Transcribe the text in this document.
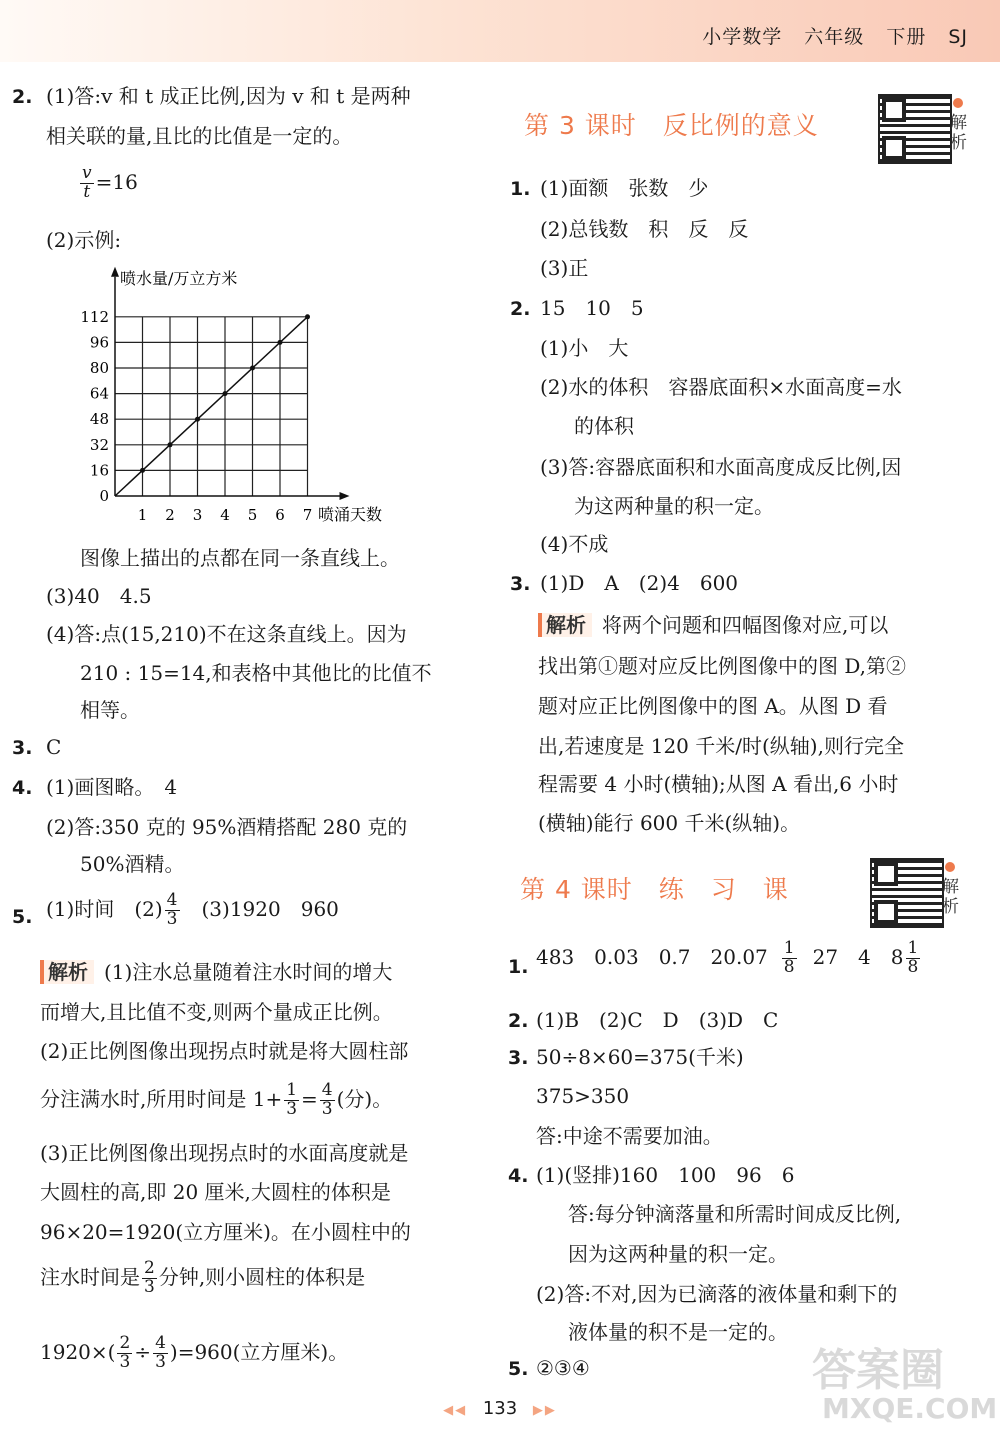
小学数学 六年级 下册 SJ
2. (1)答:v 和 t 成正比例,因为 v 和 t 是两种
相关联的量,且比的比值是一定的。
$\frac{v}{t} =16$
(2)示例:
1 2 3 4 5 6 7
0
16
32
48
64
80
96
112
喷水量/万立方米
喷涌天数
图像上描出的点都在同一条直线上。
(3)40　4.5
(4)答:点(15,210)不在这条直线上。因为
210 : 15=14,和表格中其他比的比值不
相等。
3. C
4. (1)画图略。　4
(2)答:350 克的 95%酒精搭配 280 克的
50%酒精。
5. (1)时间　$(2) \frac{4}{3} (3)1920$　960
解析 (1)注水总量随着注水时间的增大
而增大,且比值不变,则两个量成正比例。
(2)正比例图像出现拐点时就是将大圆柱部
分注满水时,所用时间是 $1+ \frac{1}{3} = \frac{4}{3}$ (分)。
(3)正比例图像出现拐点时的水面高度就是
大圆柱的高,即 20 厘米,大圆柱的体积是
96×20=1920(立方厘米)。在小圆柱中的
注水时间是 $\frac{2}{3}$ 分钟,则小圆柱的体积是
$1920\times( \frac{2}{3} \div \frac{4}{3} )=960$(立方厘米)。
第 3 课时　反比例的意义	解析
1. (1)面额　张数　少
(2)总钱数　积　反　反
(3)正
2. 15　10　5
(1)小　大
(2)水的体积　容器底面积×水面高度=水
的体积
(3)答:容器底面积和水面高度成反比例,因
为这两种量的积一定。
(4)不成
3. (1)D　A　(2)4　600
解析 将两个问题和四幅图像对应,可以
找出第①题对应反比例图像中的图 D,第②
题对应正比例图像中的图 A。从图 D 看
出,若速度是 120 千米/时(纵轴),则行完全
程需要 4 小时(横轴);从图 A 看出,6 小时
(横轴)能行 600 千米(纵轴)。
第 4 课时　练　习　课	解析
1. 483　0.03　0.7　$20.07 \frac{1}{8} 27$　4　$8 \frac{1}{8}$
2. (1)B　(2)C　D　(3)D　C
3. 50÷8×60=375(千米)
375>350
答:中途不需要加油。
4. (1)(竖排)160　100　96　6
答:每分钟滴落量和所需时间成反比例,
因为这两种量的积一定。
(2)答:不对,因为已滴落的液体量和剩下的
液体量的积不是一定的。
5. ②③④
◀◀ 133 ▶▶
答案圈
MXQE.COM
